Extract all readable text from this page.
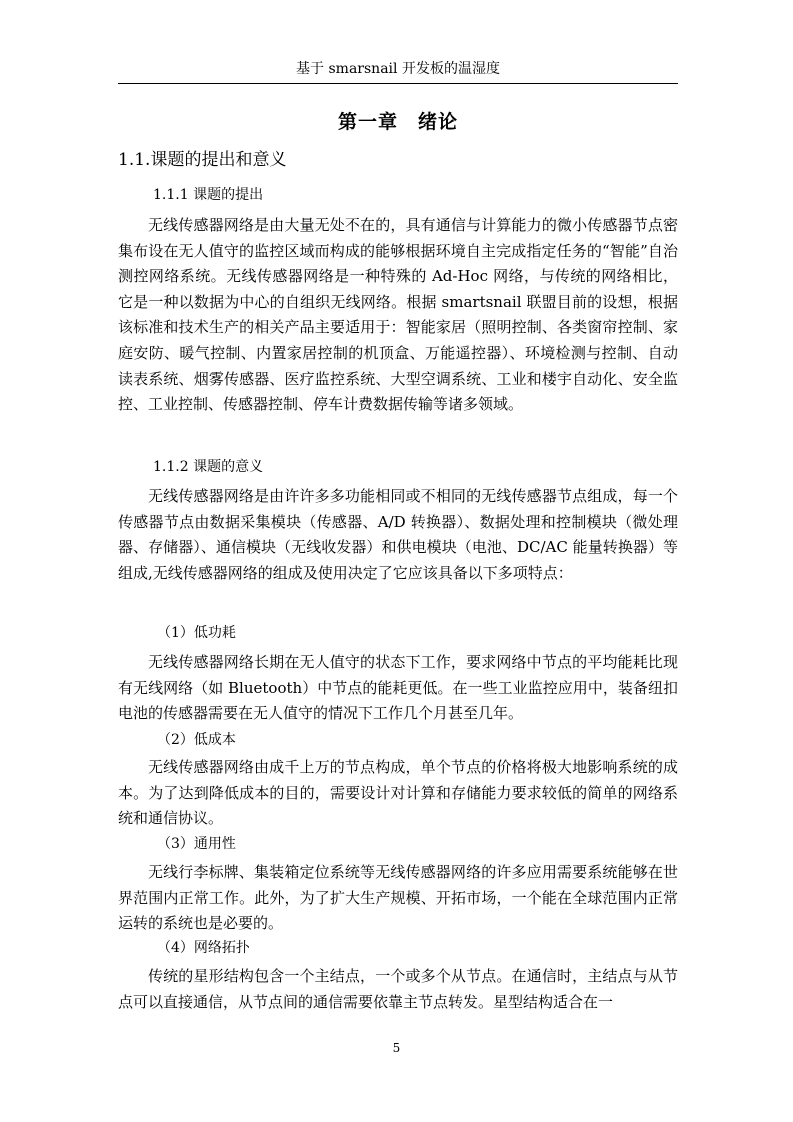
基于 smarsnail 开发板的温湿度
第一章　绪论
1.1.课题的提出和意义
1.1.1 课题的提出
无线传感器网络是由大量无处不在的，具有通信与计算能力的微小传感器节点密集布设在无人值守的监控区域而构成的能够根据环境自主完成指定任务的“智能”自治测控网络系统。无线传感器网络是一种特殊的 Ad-Hoc 网络，与传统的网络相比，它是一种以数据为中心的自组织无线网络。根据 smartsnail 联盟目前的设想，根据该标准和技术生产的相关产品主要适用于：智能家居（照明控制、各类窗帘控制、家庭安防、暖气控制、内置家居控制的机顶盒、万能遥控器）、环境检测与控制、自动读表系统、烟雾传感器、医疗监控系统、大型空调系统、工业和楼宇自动化、安全监控、工业控制、传感器控制、停车计费数据传输等诸多领域。
1.1.2 课题的意义
无线传感器网络是由许许多多功能相同或不相同的无线传感器节点组成，每一个传感器节点由数据采集模块（传感器、A/D 转换器）、数据处理和控制模块（微处理器、存储器）、通信模块（无线收发器）和供电模块（电池、DC/AC 能量转换器）等组成,无线传感器网络的组成及使用决定了它应该具备以下多项特点：
（1）低功耗
无线传感器网络长期在无人值守的状态下工作，要求网络中节点的平均能耗比现有无线网络（如 Bluetooth）中节点的能耗更低。在一些工业监控应用中，装备纽扣电池的传感器需要在无人值守的情况下工作几个月甚至几年。
（2）低成本
无线传感器网络由成千上万的节点构成，单个节点的价格将极大地影响系统的成本。为了达到降低成本的目的，需要设计对计算和存储能力要求较低的简单的网络系统和通信协议。
（3）通用性
无线行李标牌、集装箱定位系统等无线传感器网络的许多应用需要系统能够在世界范围内正常工作。此外，为了扩大生产规模、开拓市场，一个能在全球范围内正常运转的系统也是必要的。
（4）网络拓扑
传统的星形结构包含一个主结点，一个或多个从节点。在通信时，主结点与从节点可以直接通信，从节点间的通信需要依靠主节点转发。星型结构适合在一
5
